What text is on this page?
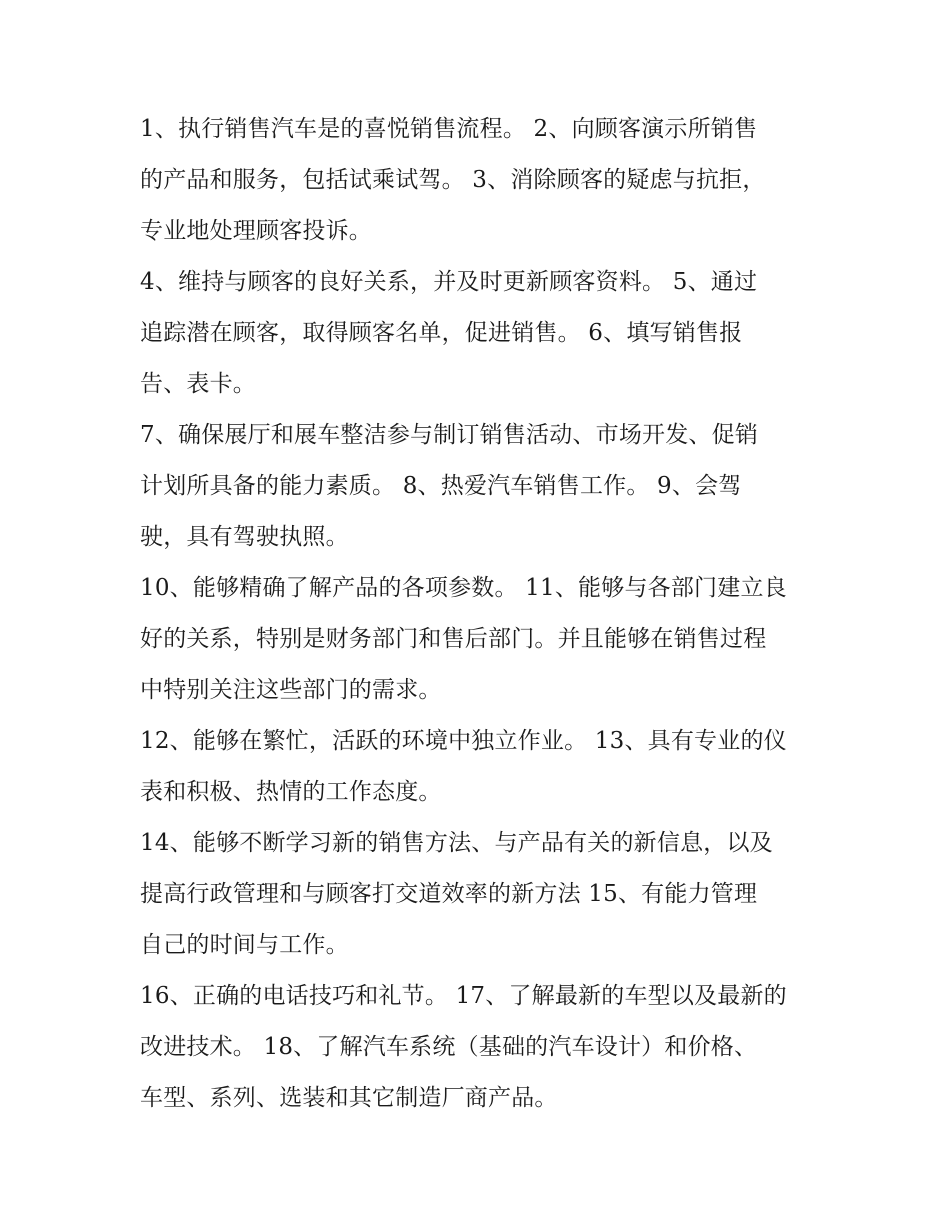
1、执行销售汽车是的喜悦销售流程。 2、向顾客演示所销售
的产品和服务，包括试乘试驾。 3、消除顾客的疑虑与抗拒，
专业地处理顾客投诉。

4、维持与顾客的良好关系，并及时更新顾客资料。 5、通过
追踪潜在顾客，取得顾客名单，促进销售。 6、填写销售报
告、表卡。

7、确保展厅和展车整洁参与制订销售活动、市场开发、促销
计划所具备的能力素质。 8、热爱汽车销售工作。 9、会驾
驶，具有驾驶执照。

10、能够精确了解产品的各项参数。 11、能够与各部门建立良
好的关系，特别是财务部门和售后部门。并且能够在销售过程
中特别关注这些部门的需求。

12、能够在繁忙，活跃的环境中独立作业。 13、具有专业的仪
表和积极、热情的工作态度。

14、能够不断学习新的销售方法、与产品有关的新信息，以及
提高行政管理和与顾客打交道效率的新方法 15、有能力管理
自己的时间与工作。

16、正确的电话技巧和礼节。 17、了解最新的车型以及最新的
改进技术。 18、了解汽车系统（基础的汽车设计）和价格、
车型、系列、选装和其它制造厂商产品。
